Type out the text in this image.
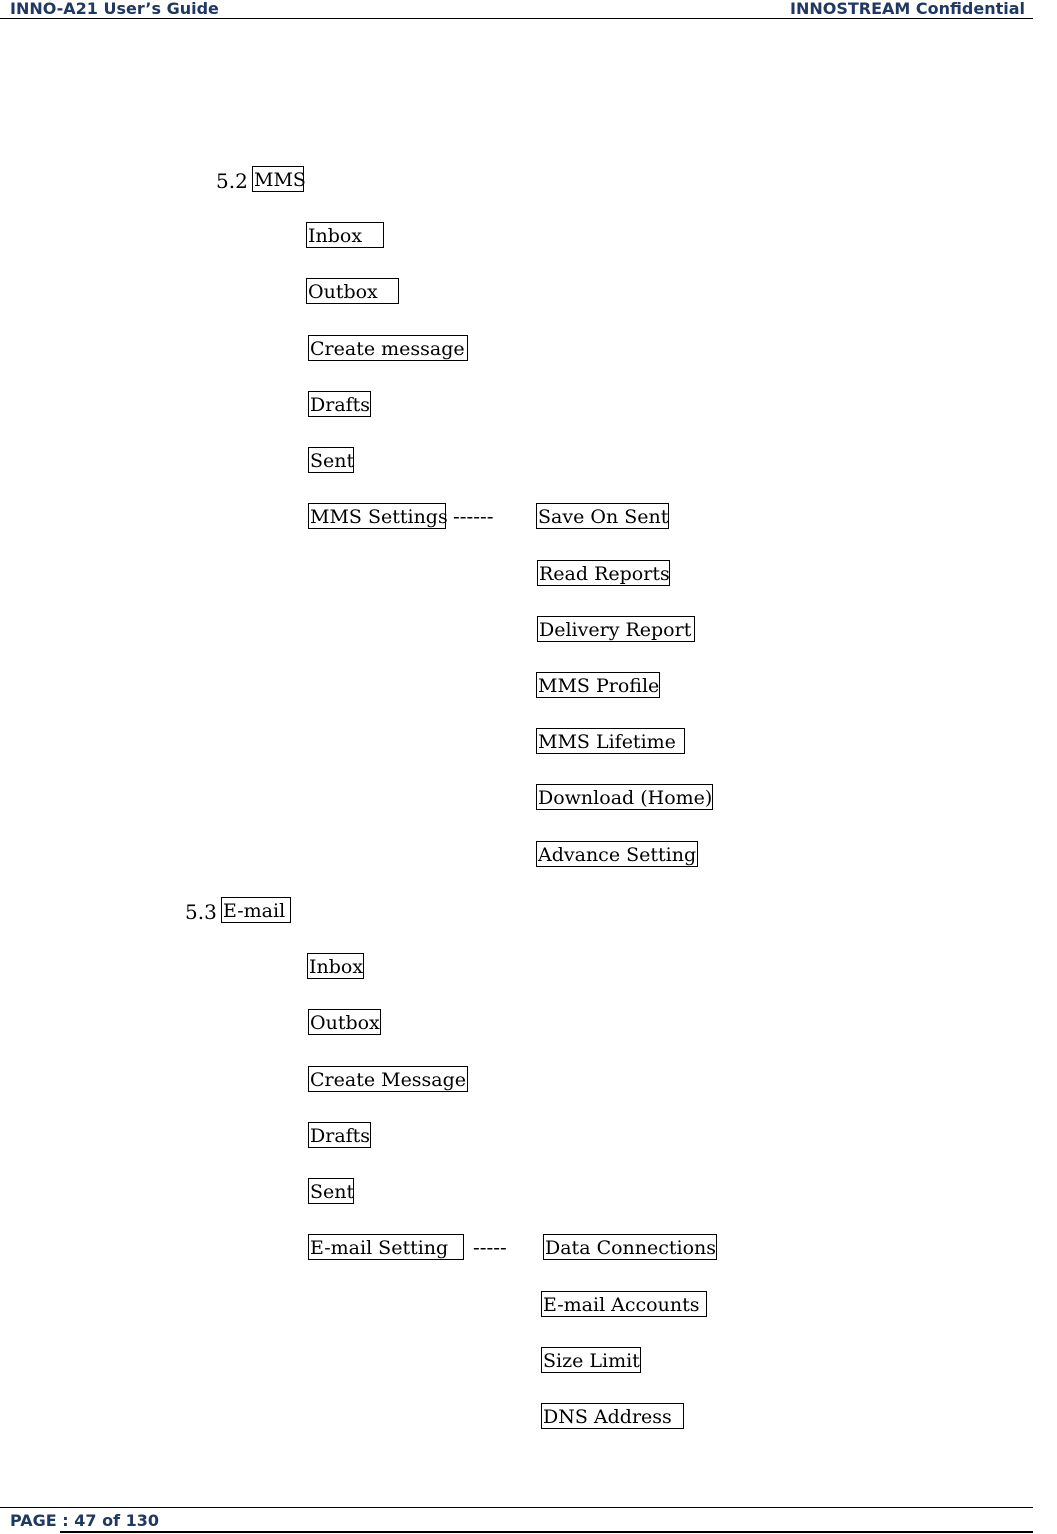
INNO-A21 User’s Guide	INNOSTREAM Confidential
5.2 MMS
Inbox
Outbox
Create message
Drafts
Sent
MMS Settings ------ Save On Sent
Read Reports
Delivery Report
MMS Profile
MMS Lifetime
Download (Home)
Advance Setting
5.3 E-mail
Inbox
Outbox
Create Message
Drafts
Sent
E-mail Setting	----- Data Connections
E-mail Accounts
Size Limit
DNS Address
PAGE : 47 of 130
